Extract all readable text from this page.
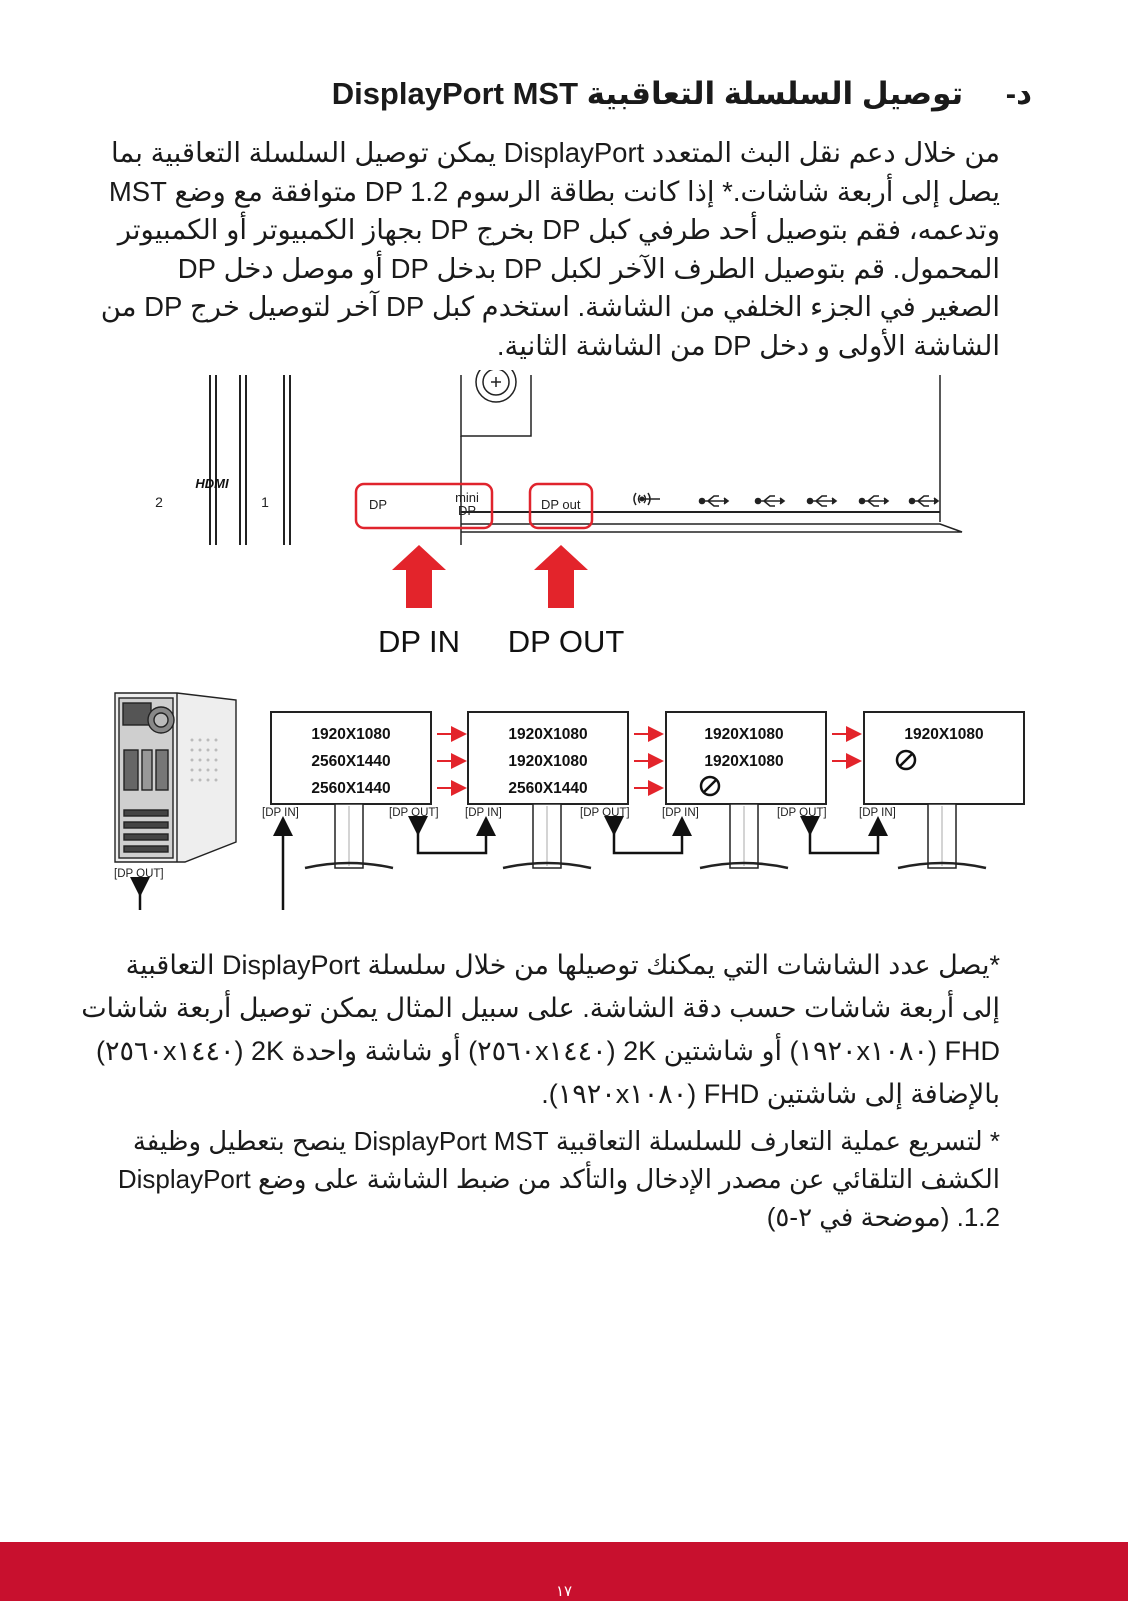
د- توصيل السلسلة التعاقبية DisplayPort MST

من خلال دعم نقل البث المتعدد DisplayPort يمكن توصيل السلسلة التعاقبية بما يصل إلى أربعة شاشات.* إذا كانت بطاقة الرسوم DP 1.2 متوافقة مع وضع MST وتدعمه، فقم بتوصيل أحد طرفي كبل DP بخرج DP بجهاز الكمبيوتر أو الكمبيوتر المحمول. قم بتوصيل الطرف الآخر لكبل DP بدخل DP أو موصل دخل DP الصغير في الجزء الخلفي من الشاشة. استخدم كبل DP آخر لتوصيل خرج DP من الشاشة الأولى و دخل DP من الشاشة الثانية.

HDMI
2	1	DP	mini
DP	DP out
DP IN DP OUT
[DP OUT]
1920X1080
2560X1440
2560X1440
1920X1080
1920X1080
2560X1440
1920X1080
1920X1080
1920X1080
[DP IN]	[DP OUT] [DP IN]	[DP OUT]	[DP IN]	[DP OUT]	[DP IN]

*يصل عدد الشاشات التي يمكنك توصيلها من خلال سلسلة DisplayPort التعاقبية إلى أربعة شاشات حسب دقة الشاشة. على سبيل المثال يمكن توصيل أربعة شاشات FHD (١٩٢٠x١٠٨٠) أو شاشتين 2K (٢٥٦٠x١٤٤٠) أو شاشة واحدة 2K (٢٥٦٠x١٤٤٠) بالإضافة إلى شاشتين FHD (١٩٢٠x١٠٨٠).

* لتسريع عملية التعارف للسلسلة التعاقبية DisplayPort MST ينصح بتعطيل وظيفة الكشف التلقائي عن مصدر الإدخال والتأكد من ضبط الشاشة على وضع DisplayPort 1.2. (موضحة في ٢-٥)

١٧
